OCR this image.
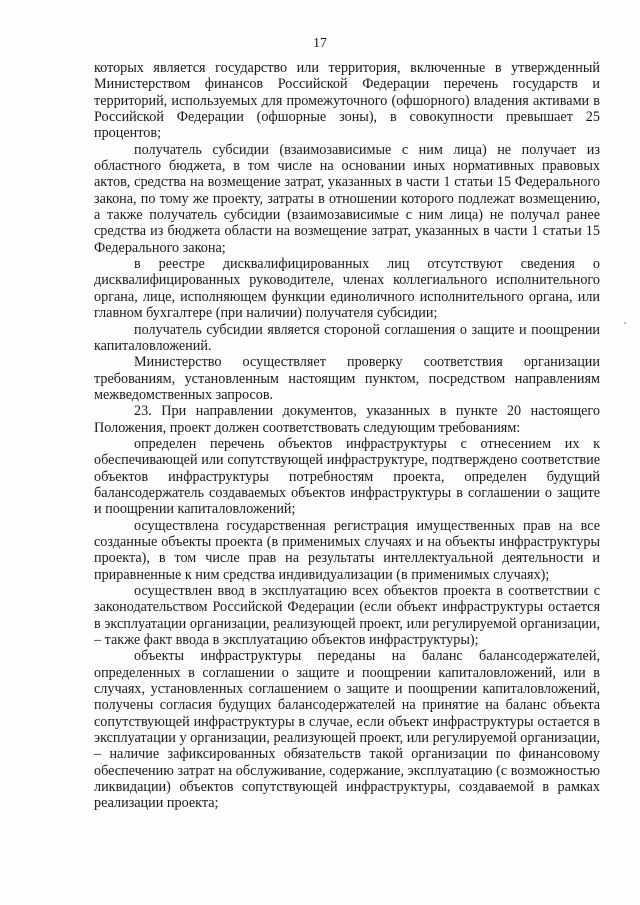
17

которых является государство или территория, включенные в утвержденный Министерством финансов Российской Федерации перечень государств и территорий, используемых для промежуточного (офшорного) владения активами в Российской Федерации (офшорные зоны), в совокупности превышает 25 процентов;

получатель субсидии (взаимозависимые с ним лица) не получает из областного бюджета, в том числе на основании иных нормативных правовых актов, средства на возмещение затрат, указанных в части 1 статьи 15 Федерального закона, по тому же проекту, затраты в отношении которого подлежат возмещению, а также получатель субсидии (взаимозависимые с ним лица) не получал ранее средства из бюджета области на возмещение затрат, указанных в части 1 статьи 15 Федерального закона;

в реестре дисквалифицированных лиц отсутствуют сведения о дисквалифицированных руководителе, членах коллегиального исполнительного органа, лице, исполняющем функции единоличного исполнительного органа, или главном бухгалтере (при наличии) получателя субсидии;

получатель субсидии является стороной соглашения о защите и поощрении капиталовложений.

Министерство осуществляет проверку соответствия организации требованиям, установленным настоящим пунктом, посредством направлениям межведомственных запросов.

23. При направлении документов, указанных в пункте 20 настоящего Положения, проект должен соответствовать следующим требованиям:

определен перечень объектов инфраструктуры с отнесением их к обеспечивающей или сопутствующей инфраструктуре, подтверждено соответствие объектов инфраструктуры потребностям проекта, определен будущий балансодержатель создаваемых объектов инфраструктуры в соглашении о защите и поощрении капиталовложений;

осуществлена государственная регистрация имущественных прав на все созданные объекты проекта (в применимых случаях и на объекты инфраструктуры проекта), в том числе прав на результаты интеллектуальной деятельности и приравненные к ним средства индивидуализации (в применимых случаях);

осуществлен ввод в эксплуатацию всех объектов проекта в соответствии с законодательством Российской Федерации (если объект инфраструктуры остается в эксплуатации организации, реализующей проект, или регулируемой организации, – также факт ввода в эксплуатацию объектов инфраструктуры);

объекты инфраструктуры переданы на баланс балансодержателей, определенных в соглашении о защите и поощрении капиталовложений, или в случаях, установленных соглашением о защите и поощрении капиталовложений, получены согласия будущих балансодержателей на принятие на баланс объекта сопутствующей инфраструктуры в случае, если объект инфраструктуры остается в эксплуатации у организации, реализующей проект, или регулируемой организации, – наличие зафиксированных обязательств такой организации по финансовому обеспечению затрат на обслуживание, содержание, эксплуатацию (с возможностью ликвидации) объектов сопутствующей инфраструктуры, создаваемой в рамках реализации проекта;
